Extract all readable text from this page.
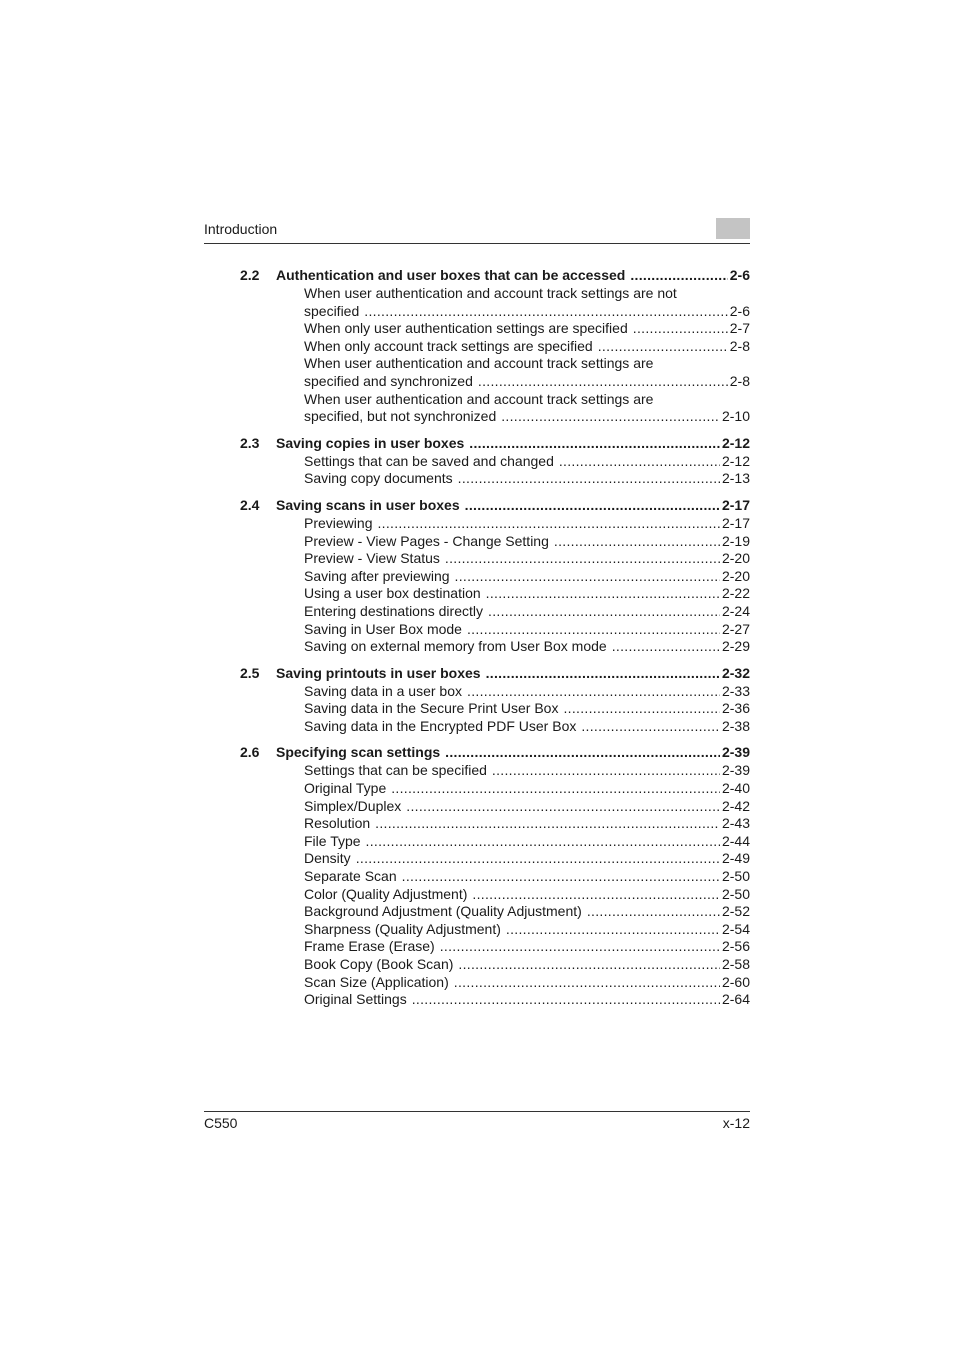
Introduction
2.2	Authentication and user boxes that can be accessed .....	2-6
When user authentication and account track settings are not
specified .....	2-6
When only user authentication settings are specified .....	2-7
When only account track settings are specified .....	2-8
When user authentication and account track settings are
specified and synchronized .....	2-8
When user authentication and account track settings are
specified, but not synchronized .....	2-10
2.3	Saving copies in user boxes .....	2-12
Settings that can be saved and changed .....	2-12
Saving copy documents .....	2-13
2.4	Saving scans in user boxes .....	2-17
Previewing .....	2-17
Preview - View Pages - Change Setting .....	2-19
Preview - View Status .....	2-20
Saving after previewing .....	2-20
Using a user box destination .....	2-22
Entering destinations directly .....	2-24
Saving in User Box mode .....	2-27
Saving on external memory from User Box mode .....	2-29
2.5	Saving printouts in user boxes .....	2-32
Saving data in a user box .....	2-33
Saving data in the Secure Print User Box .....	2-36
Saving data in the Encrypted PDF User Box .....	2-38
2.6	Specifying scan settings .....	2-39
Settings that can be specified .....	2-39
Original Type .....	2-40
Simplex/Duplex .....	2-42
Resolution .....	2-43
File Type .....	2-44
Density .....	2-49
Separate Scan .....	2-50
Color (Quality Adjustment) .....	2-50
Background Adjustment (Quality Adjustment) .....	2-52
Sharpness (Quality Adjustment) .....	2-54
Frame Erase (Erase) .....	2-56
Book Copy (Book Scan) .....	2-58
Scan Size (Application) .....	2-60
Original Settings .....	2-64
C550	x-12
